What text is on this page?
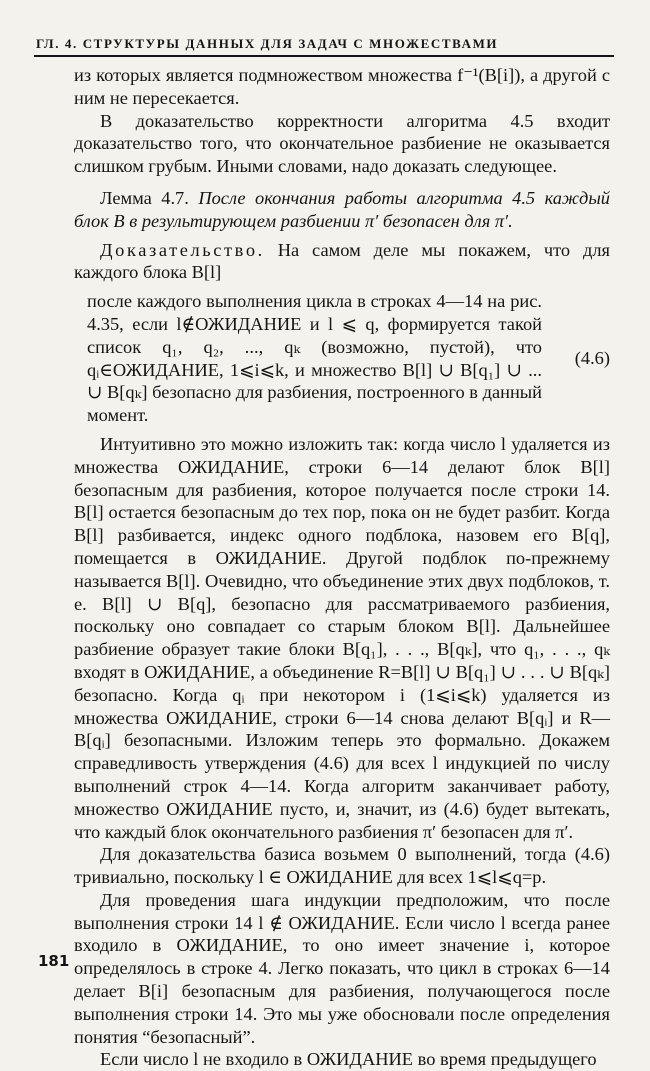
ГЛ. 4. СТРУКТУРЫ ДАННЫХ ДЛЯ ЗАДАЧ С МНОЖЕСТВАМИ

из которых является подмножеством множества f⁻¹(B[i]), а другой с ним не пересекается.

В доказательство корректности алгоритма 4.5 входит доказательство того, что окончательное разбиение не оказывается слишком грубым. Иными словами, надо доказать следующее.

Лемма 4.7. После окончания работы алгоритма 4.5 каждый блок B в результирующем разбиении π′ безопасен для π′.

Доказательство. На самом деле мы покажем, что для каждого блока B[l]

после каждого выполнения цикла в строках 4—14 на рис. 4.35, если l∉ОЖИДАНИЕ и l ⩽ q, формируется такой список q₁, q₂, ..., qₖ (возможно, пустой), что qᵢ∈ОЖИДАНИЕ, 1⩽i⩽k, и множество B[l] ∪ B[q₁] ∪ ... ∪ B[qₖ] безопасно для разбиения, построенного в данный момент.

(4.6)

Интуитивно это можно изложить так: когда число l удаляется из множества ОЖИДАНИЕ, строки 6—14 делают блок B[l] безопасным для разбиения, которое получается после строки 14. B[l] остается безопасным до тех пор, пока он не будет разбит. Когда B[l] разбивается, индекс одного подблока, назовем его B[q], помещается в ОЖИДАНИЕ. Другой подблок по-прежнему называется B[l]. Очевидно, что объединение этих двух подблоков, т. е. B[l] ∪ B[q], безопасно для рассматриваемого разбиения, поскольку оно совпадает со старым блоком B[l]. Дальнейшее разбиение образует такие блоки B[q₁], . . ., B[qₖ], что q₁, . . ., qₖ входят в ОЖИДАНИЕ, а объединение R=B[l] ∪ B[q₁] ∪ . . . ∪ B[qₖ] безопасно. Когда qᵢ при некотором i (1⩽i⩽k) удаляется из множества ОЖИДАНИЕ, строки 6—14 снова делают B[qᵢ] и R—B[qᵢ] безопасными. Изложим теперь это формально. Докажем справедливость утверждения (4.6) для всех l индукцией по числу выполнений строк 4—14. Когда алгоритм заканчивает работу, множество ОЖИДАНИЕ пусто, и, значит, из (4.6) будет вытекать, что каждый блок окончательного разбиения π′ безопасен для π′.

Для доказательства базиса возьмем 0 выполнений, тогда (4.6) тривиально, поскольку l ∈ ОЖИДАНИЕ для всех 1⩽l⩽q=p.

Для проведения шага индукции предположим, что после выполнения строки 14 l ∉ ОЖИДАНИЕ. Если число l всегда ранее входило в ОЖИДАНИЕ, то оно имеет значение i, которое определялось в строке 4. Легко показать, что цикл в строках 6—14 делает B[i] безопасным для разбиения, получающегося после выполнения строки 14. Это мы уже обосновали после определения понятия “безопасный”.

Если число l не входило в ОЖИДАНИЕ во время предыдущего

181
